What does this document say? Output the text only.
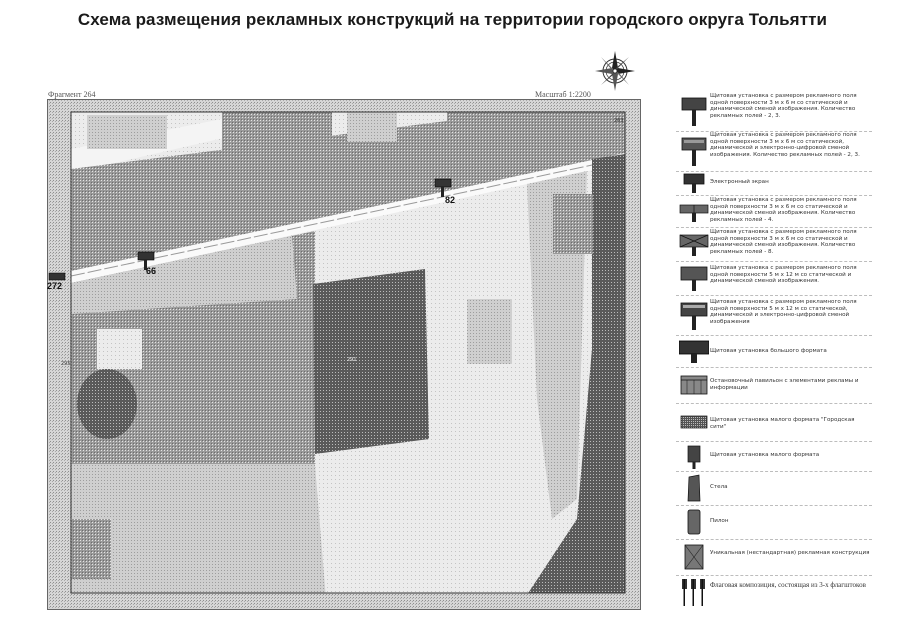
Схема размещения рекламных конструкций на территории городского округа Тольятти
Фрагмент 264	Масштаб 1:2200
82
66
272
295
291
263
Щитовая установка с размером рекламного поля одной поверхности 3 м х 6 м со статической и динамической сменой изображения. Количество рекламных полей - 2, 3.
Щитовая установка с размером рекламного поля одной поверхности 3 м х 6 м со статической, динамической и электронно-цифровой сменой изображения. Количество рекламных полей - 2, 3.
Электронный экран
Щитовая установка с размером рекламного поля одной поверхности 3 м х 6 м со статической и динамической сменой изображения. Количество рекламных полей - 4.
Щитовая установка с размером рекламного поля одной поверхности 3 м х 6 м со статической и динамической сменой изображения. Количество рекламных полей - 8.
Щитовая установка с размером рекламного поля одной поверхности 5 м х 12 м со статической и динамической сменой изображения.
Щитовая установка с размером рекламного поля одной поверхности 5 м х 12 м со статической, динамической и электронно-цифровой сменой изображения
Щитовая установка большого формата
Остановочный павильон с элементами рекламы и информации
Щитовая установка малого формата "Городская сити"
Щитовая установка малого формата
Стела
Пилон
Уникальная (нестандартная) рекламная конструкция
Флаговая композиция, состоящая из 3-х флагштоков
